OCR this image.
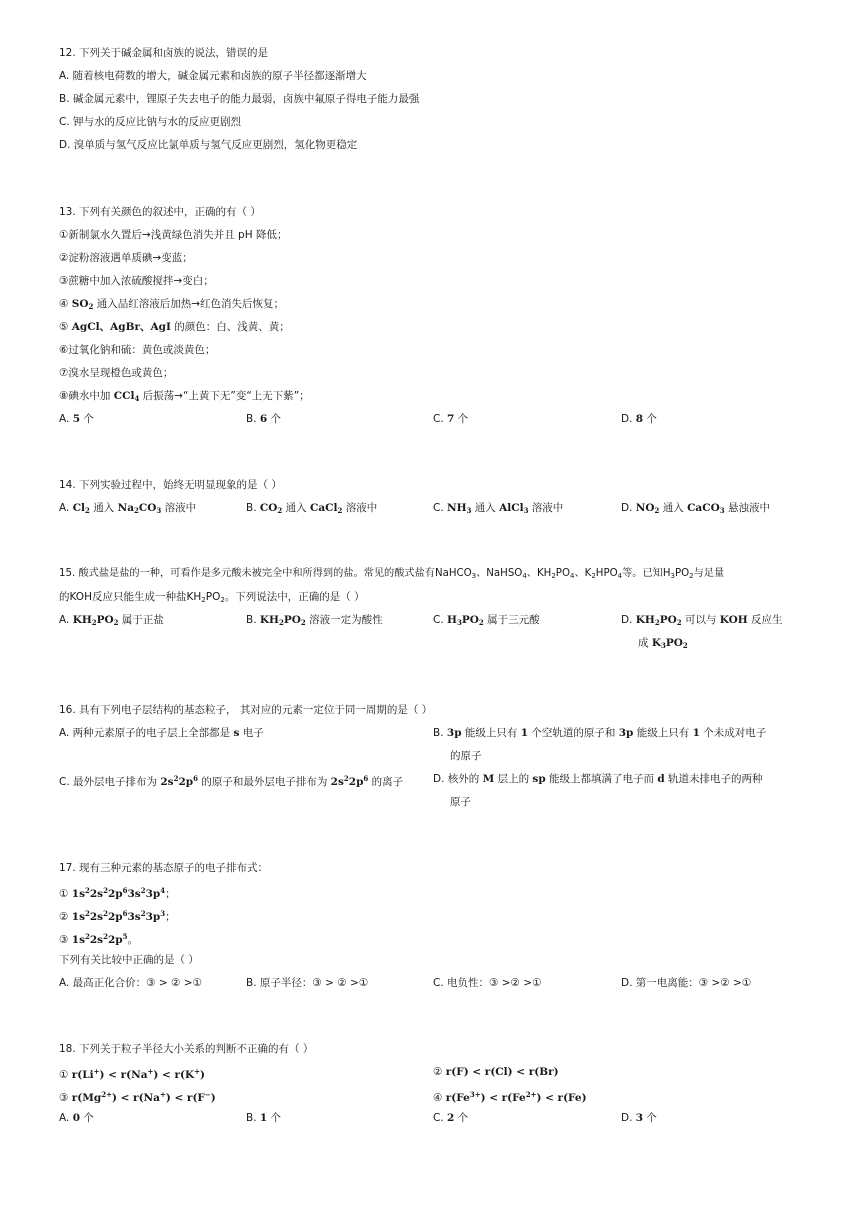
12. 下列关于碱金属和卤族的说法，错误的是
A. 随着核电荷数的增大，碱金属元素和卤族的原子半径都逐渐增大
B. 碱金属元素中，锂原子失去电子的能力最弱，卤族中氟原子得电子能力最强
C. 钾与水的反应比钠与水的反应更剧烈
D. 溴单质与氢气反应比氯单质与氢气反应更剧烈，氢化物更稳定
13. 下列有关颜色的叙述中，正确的有（ ）
①新制氯水久置后→浅黄绿色消失并且 pH 降低；
②淀粉溶液遇单质碘→变蓝；
③蔗糖中加入浓硫酸搅拌→变白；
④ $SO_2$ 通入品红溶液后加热→红色消失后恢复；
⑤ AgCl、AgBr、AgI 的颜色：白、浅黄、黄；
⑥过氧化钠和硫：黄色或淡黄色；
⑦溴水呈现橙色或黄色；
⑧碘水中加 CCl$_4$ 后振荡→“上黄下无”变“上无下紫”；
A. 5 个	B. 6 个	C. 7 个	D. 8 个
14. 下列实验过程中，始终无明显现象的是（ ）
A. $Cl_2$ 通入 $Na_2CO_3$ 溶液中	B. $CO_2$ 通入 CaCl$_2$ 溶液中	C. $NH_3$ 通入 AlCl$_3$ 溶液中	D. $NO_2$ 通入 CaCO$_3$ 悬浊液中
15. 酸式盐是盐的一种，可看作是多元酸未被完全中和所得到的盐。常见的酸式盐有NaHCO$_3$、NaHSO$_4$、$KH_2PO_4$、$K_2HPO_4$等。已知$H_3PO_2$与足量
的KOH反应只能生成一种盐$KH_2PO_2$。下列说法中，正确的是（ ）
A. $KH_2PO_2$ 属于正盐	B. $KH_2PO_2$ 溶液一定为酸性	C. $H_3PO_2$ 属于三元酸	D. $KH_2PO_2$ 可以与 KOH 反应生
成 $K_3PO_2$
16. 具有下列电子层结构的基态粒子， 其对应的元素一定位于同一周期的是（ ）
A. 两种元素原子的电子层上全部都是 s 电子	B. 3p 能级上只有 1 个空轨道的原子和 3p 能级上只有 1 个未成对电子
的原子
C. 最外层电子排布为 $2s^22p^6$ 的原子和最外层电子排布为 $2s^22p^6$ 的离子	D. 核外的 M 层上的 sp 能级上都填满了电子而 d 轨道未排电子的两种
原子
17. 现有三种元素的基态原子的电子排布式：
① $1s^22s^22p^63s^23p^4$；
② $1s^22s^22p^63s^23p^3$；
③ $1s^22s^22p^5$。
下列有关比较中正确的是（ ）
A. 最高正化合价：③ > ② >①	B. 原子半径：③ > ② >①	C. 电负性：③ >② >①	D. 第一电离能：③ >② >①
18. 下列关于粒子半径大小关系的判断不正确的有（ ）
① r(Li+) < r(Na+) < r(K+)	② r(F) < r(Cl) < r(Br)
③ $r(Mg^{2+}) < r(Na^+) < r(F^-)$	④ $r(Fe^{3+}) < r(Fe^{2+}) < r(Fe)$
A. 0 个	B. 1 个	C. 2 个	D. 3 个
